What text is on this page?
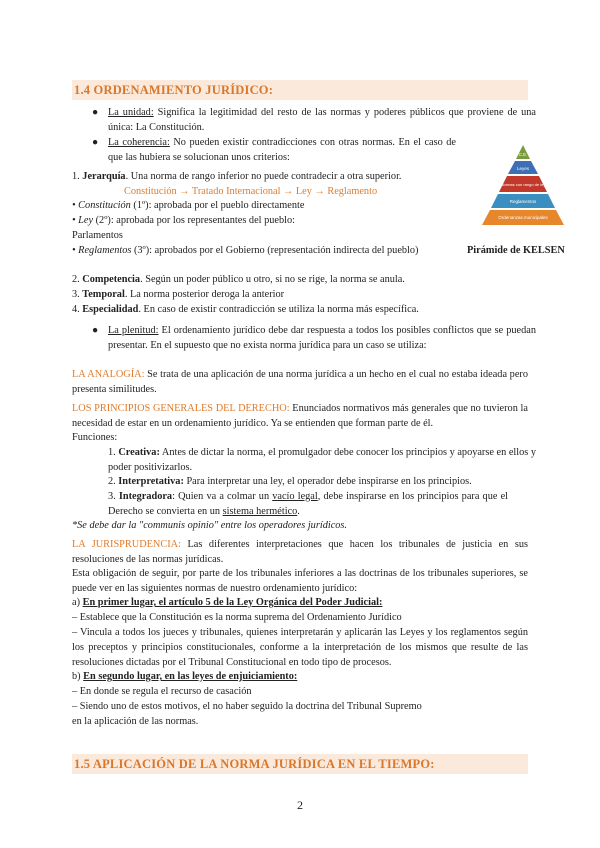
1.4 ORDENAMIENTO JURÍDICO:
● La unidad: Significa la legitimidad del resto de las normas y poderes públicos que proviene de una única: La Constitución.
● La coherencia: No pueden existir contradicciones con otras normas. En el caso de que las hubiera se solucionan unos criterios:
1. Jerarquía. Una norma de rango inferior no puede contradecir a otra superior.
Constitución → Tratado Internacional → Ley → Reglamento
• Constitución (1º): aprobada por el pueblo directamente
• Ley (2º): aprobada por los representantes del pueblo:
Parlamentos
• Reglamentos (3º): aprobados por el Gobierno (representación indirecta del pueblo)	Pirámide de KELSEN
C.E.
Leyes
Normas con rango de ley
Reglamentos
Ordenanzas municipales
2. Competencia. Según un poder público u otro, si no se rige, la norma se anula.
3. Temporal. La norma posterior deroga la anterior
4. Especialidad. En caso de existir contradicción se utiliza la norma más específica.
● La plenitud: El ordenamiento jurídico debe dar respuesta a todos los posibles conflictos que se puedan presentar. En el supuesto que no exista norma jurídica para un caso se utiliza:
LA ANALOGÍA: Se trata de una aplicación de una norma jurídica a un hecho en el cual no estaba ideada pero presenta similitudes.
LOS PRINCIPIOS GENERALES DEL DERECHO: Enunciados normativos más generales que no tuvieron la necesidad de estar en un ordenamiento jurídico. Ya se entienden que forman parte de él.
Funciones:
1. Creativa: Antes de dictar la norma, el promulgador debe conocer los principios y apoyarse en ellos y poder positivizarlos.
2. Interpretativa: Para interpretar una ley, el operador debe inspirarse en los principios.
3. Integradora: Quien va a colmar un vacío legal, debe inspirarse en los principios para que el Derecho se convierta en un sistema hermético.
*Se debe dar la "communis opinio" entre los operadores jurídicos.
LA JURISPRUDENCIA: Las diferentes interpretaciones que hacen los tribunales de justicia en sus resoluciones de las normas jurídicas.
Esta obligación de seguir, por parte de los tribunales inferiores a las doctrinas de los tribunales superiores, se puede ver en las siguientes normas de nuestro ordenamiento jurídico:
a) En primer lugar, el artículo 5 de la Ley Orgánica del Poder Judicial:
– Establece que la Constitución es la norma suprema del Ordenamiento Jurídico
– Vincula a todos los jueces y tribunales, quienes interpretarán y aplicarán las Leyes y los reglamentos según los preceptos y principios constitucionales, conforme a la interpretación de los mismos que resulte de las resoluciones dictadas por el Tribunal Constitucional en todo tipo de procesos.
b) En segundo lugar, en las leyes de enjuiciamiento:
– En donde se regula el recurso de casación
– Siendo uno de estos motivos, el no haber seguido la doctrina del Tribunal Supremo
en la aplicación de las normas.
1.5 APLICACIÓN DE LA NORMA JURÍDICA EN EL TIEMPO:
2
